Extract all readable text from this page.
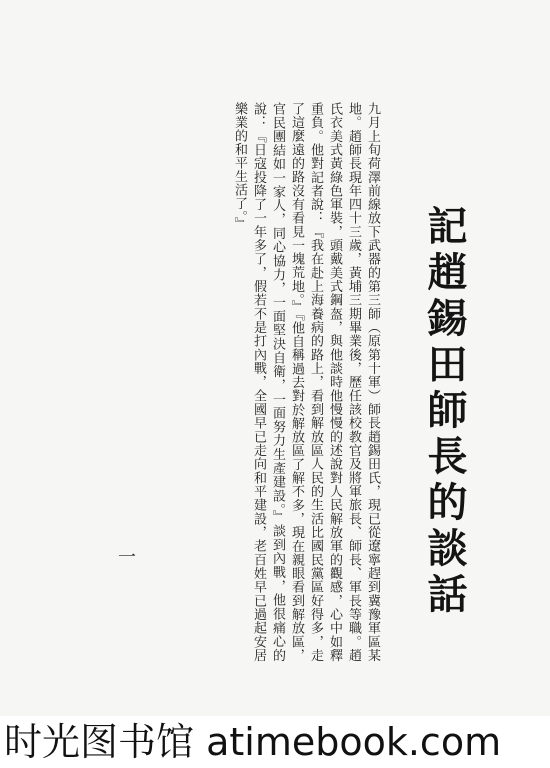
記趙錫田師長的談話

九月上旬荷澤前線放下武器的第三師（原第十軍）師長趙錫田氏，現已從遼寧趕到冀豫軍區某地。趙師長現年四十三歲，黃埔三期畢業後，歷任該校教官及將軍旅長、師長、軍長等職。趙氏衣美式黃綠色軍裝，頭戴美式鋼盔，與他談時他慢慢的述說對人民解放軍的觀感，心中如釋重負。他對記者說：『我在赴上海養病的路上，看到解放區人民的生活比國民黨區好得多，走了這麼遠的路沒有看見一塊荒地。』『他自稱過去對於解放區了解不多，現在親眼看到解放區，官民團結如一家人，同心協力，一面堅決自衛，一面努力生產建設。』談到內戰，他很痛心的說：『日寇投降了一年多了，假若不是打內戰，全國早已走向和平建設，老百姓早已過起安居樂業的和平生活了。』

一
时光图书馆 atimebook.com
